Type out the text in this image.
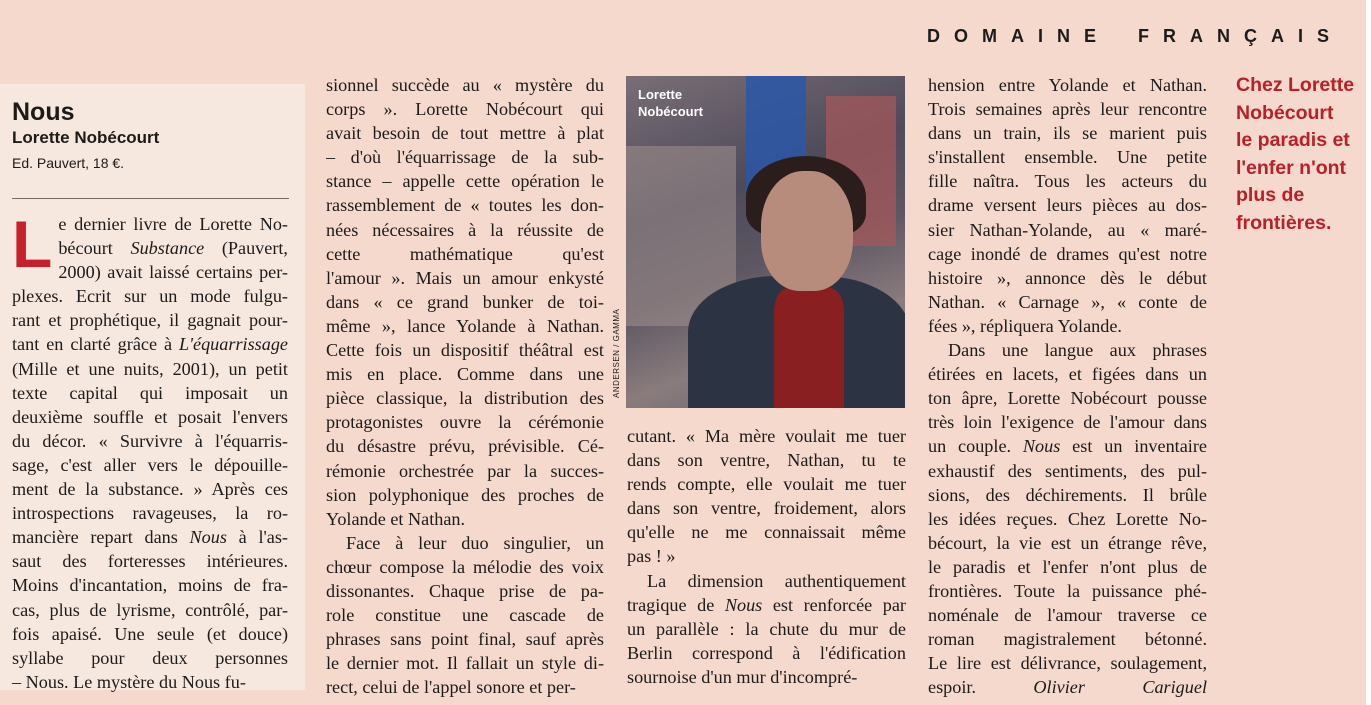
DOMAINE FRANÇAIS
Nous
Lorette Nobécourt
Ed. Pauvert, 18 €.
L e dernier livre de Lorette No-
bécourt Substance (Pauvert,
2000) avait laissé certains per-
plexes. Ecrit sur un mode fulgu-
rant et prophétique, il gagnait pour-
tant en clarté grâce à L'équarrissage
(Mille et une nuits, 2001), un petit
texte capital qui imposait un
deuxième souffle et posait l'envers
du décor. « Survivre à l'équarris-
sage, c'est aller vers le dépouille-
ment de la substance. » Après ces
introspections ravageuses, la ro-
mancière repart dans Nous à l'as-
saut des forteresses intérieures.
Moins d'incantation, moins de fra-
cas, plus de lyrisme, contrôlé, par-
fois apaisé. Une seule (et douce)
syllabe pour deux personnes
– Nous. Le mystère du Nous fu-
sionnel succède au « mystère du
corps ». Lorette Nobécourt qui
avait besoin de tout mettre à plat
– d'où l'équarrissage de la sub-
stance – appelle cette opération le
rassemblement de « toutes les don-
nées nécessaires à la réussite de
cette mathématique qu'est
l'amour ». Mais un amour enkysté
dans « ce grand bunker de toi-
même », lance Yolande à Nathan.
Cette fois un dispositif théâtral est
mis en place. Comme dans une
pièce classique, la distribution des
protagonistes ouvre la cérémonie
du désastre prévu, prévisible. Cé-
rémonie orchestrée par la succes-
sion polyphonique des proches de
Yolande et Nathan.
Face à leur duo singulier, un
chœur compose la mélodie des voix
dissonantes. Chaque prise de pa-
role constitue une cascade de
phrases sans point final, sauf après
le dernier mot. Il fallait un style di-
rect, celui de l'appel sonore et per-
cutant. « Ma mère voulait me tuer
dans son ventre, Nathan, tu te
rends compte, elle voulait me tuer
dans son ventre, froidement, alors
qu'elle ne me connaissait même
pas ! »
La dimension authentiquement
tragique de Nous est renforcée par
un parallèle : la chute du mur de
Berlin correspond à l'édification
sournoise d'un mur d'incompré-
hension entre Yolande et Nathan.
Trois semaines après leur rencontre
dans un train, ils se marient puis
s'installent ensemble. Une petite
fille naîtra. Tous les acteurs du
drame versent leurs pièces au dos-
sier Nathan-Yolande, au « maré-
cage inondé de drames qu'est notre
histoire », annonce dès le début
Nathan. « Carnage », « conte de
fées », répliquera Yolande.
Dans une langue aux phrases
étirées en lacets, et figées dans un
ton âpre, Lorette Nobécourt pousse
très loin l'exigence de l'amour dans
un couple. Nous est un inventaire
exhaustif des sentiments, des pul-
sions, des déchirements. Il brûle
les idées reçues. Chez Lorette No-
bécourt, la vie est un étrange rêve,
le paradis et l'enfer n'ont plus de
frontières. Toute la puissance phé-
noménale de l'amour traverse ce
roman magistralement bétonné.
Le lire est délivrance, soulagement,
espoir.	Olivier Cariguel
Lorette
Nobécourt
ANDERSEN / GAMMA
Chez Lorette
Nobécourt
le paradis et
l'enfer n'ont
plus de
frontières.
